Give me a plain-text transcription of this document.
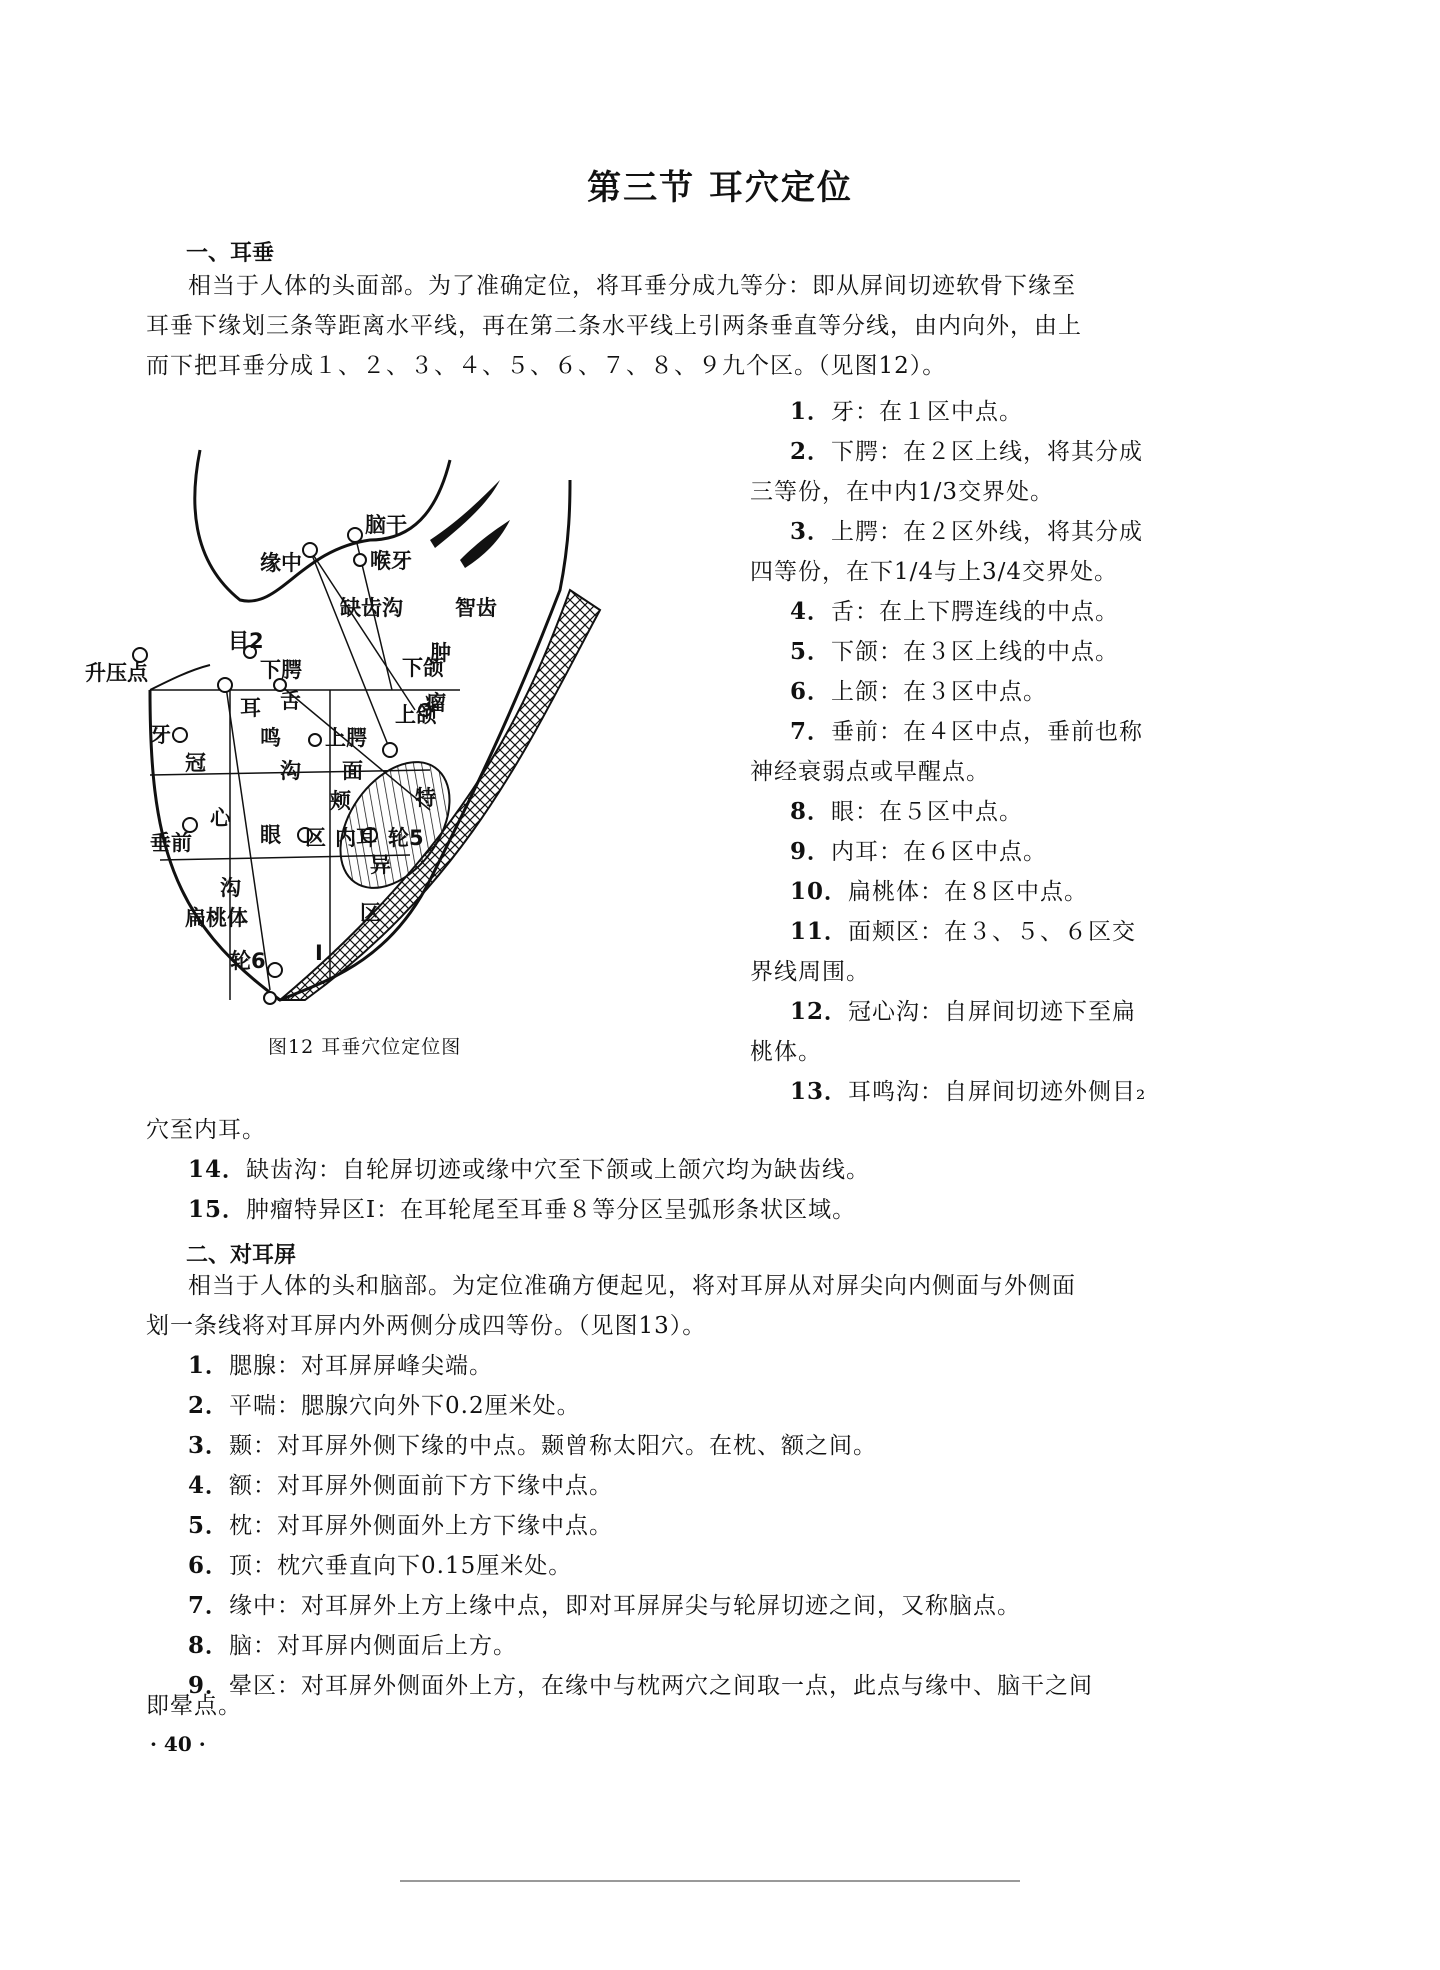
第三节 耳穴定位
一、耳垂
相当于人体的头面部。为了准确定位，将耳垂分成九等分：即从屏间切迹软骨下缘至
耳垂下缘划三条等距离水平线，再在第二条水平线上引两条垂直等分线，由内向外，由上
而下把耳垂分成１、２、３、４、５、６、７、８、９九个区。（见图12）。
1．牙：在１区中点。
2．下腭：在２区上线，将其分成
三等份，在中内1/3交界处。
3．上腭：在２区外线，将其分成
四等份，在下1/4与上3/4交界处。
4．舌：在上下腭连线的中点。
5．下颌：在３区上线的中点。
6．上颌：在３区中点。
7．垂前：在４区中点，垂前也称
神经衰弱点或早醒点。
8．眼：在５区中点。
9．内耳：在６区中点。
10．扁桃体：在８区中点。
11．面颊区：在３、５、６区交
界线周围。
12．冠心沟：自屏间切迹下至扁
桃体。
13．耳鸣沟：自屏间切迹外侧目₂
脑干
喉牙
缘中
缺齿沟 智齿
下颌
上颌
目2
下腭
舌
上腭
耳
鸣
沟 面
颊
区
升压点
牙
冠
心
垂前	眼	内耳
沟
扁桃体
轮6
轮5
肿
瘤
特
异
区
Ⅰ
图12 耳垂穴位定位图
穴至内耳。
14．缺齿沟：自轮屏切迹或缘中穴至下颌或上颌穴均为缺齿线。
15．肿瘤特异区Ⅰ：在耳轮尾至耳垂８等分区呈弧形条状区域。
二、对耳屏
相当于人体的头和脑部。为定位准确方便起见，将对耳屏从对屏尖向内侧面与外侧面
划一条线将对耳屏内外两侧分成四等份。（见图13）。
1．腮腺：对耳屏屏峰尖端。
2．平喘：腮腺穴向外下0.2厘米处。
3．颞：对耳屏外侧下缘的中点。颞曾称太阳穴。在枕、额之间。
4．额：对耳屏外侧面前下方下缘中点。
5．枕：对耳屏外侧面外上方下缘中点。
6．顶：枕穴垂直向下0.15厘米处。
7．缘中：对耳屏外上方上缘中点，即对耳屏屏尖与轮屏切迹之间，又称脑点。
8．脑：对耳屏内侧面后上方。
9．晕区：对耳屏外侧面外上方，在缘中与枕两穴之间取一点，此点与缘中、脑干之间
即晕点。
· 40 ·
